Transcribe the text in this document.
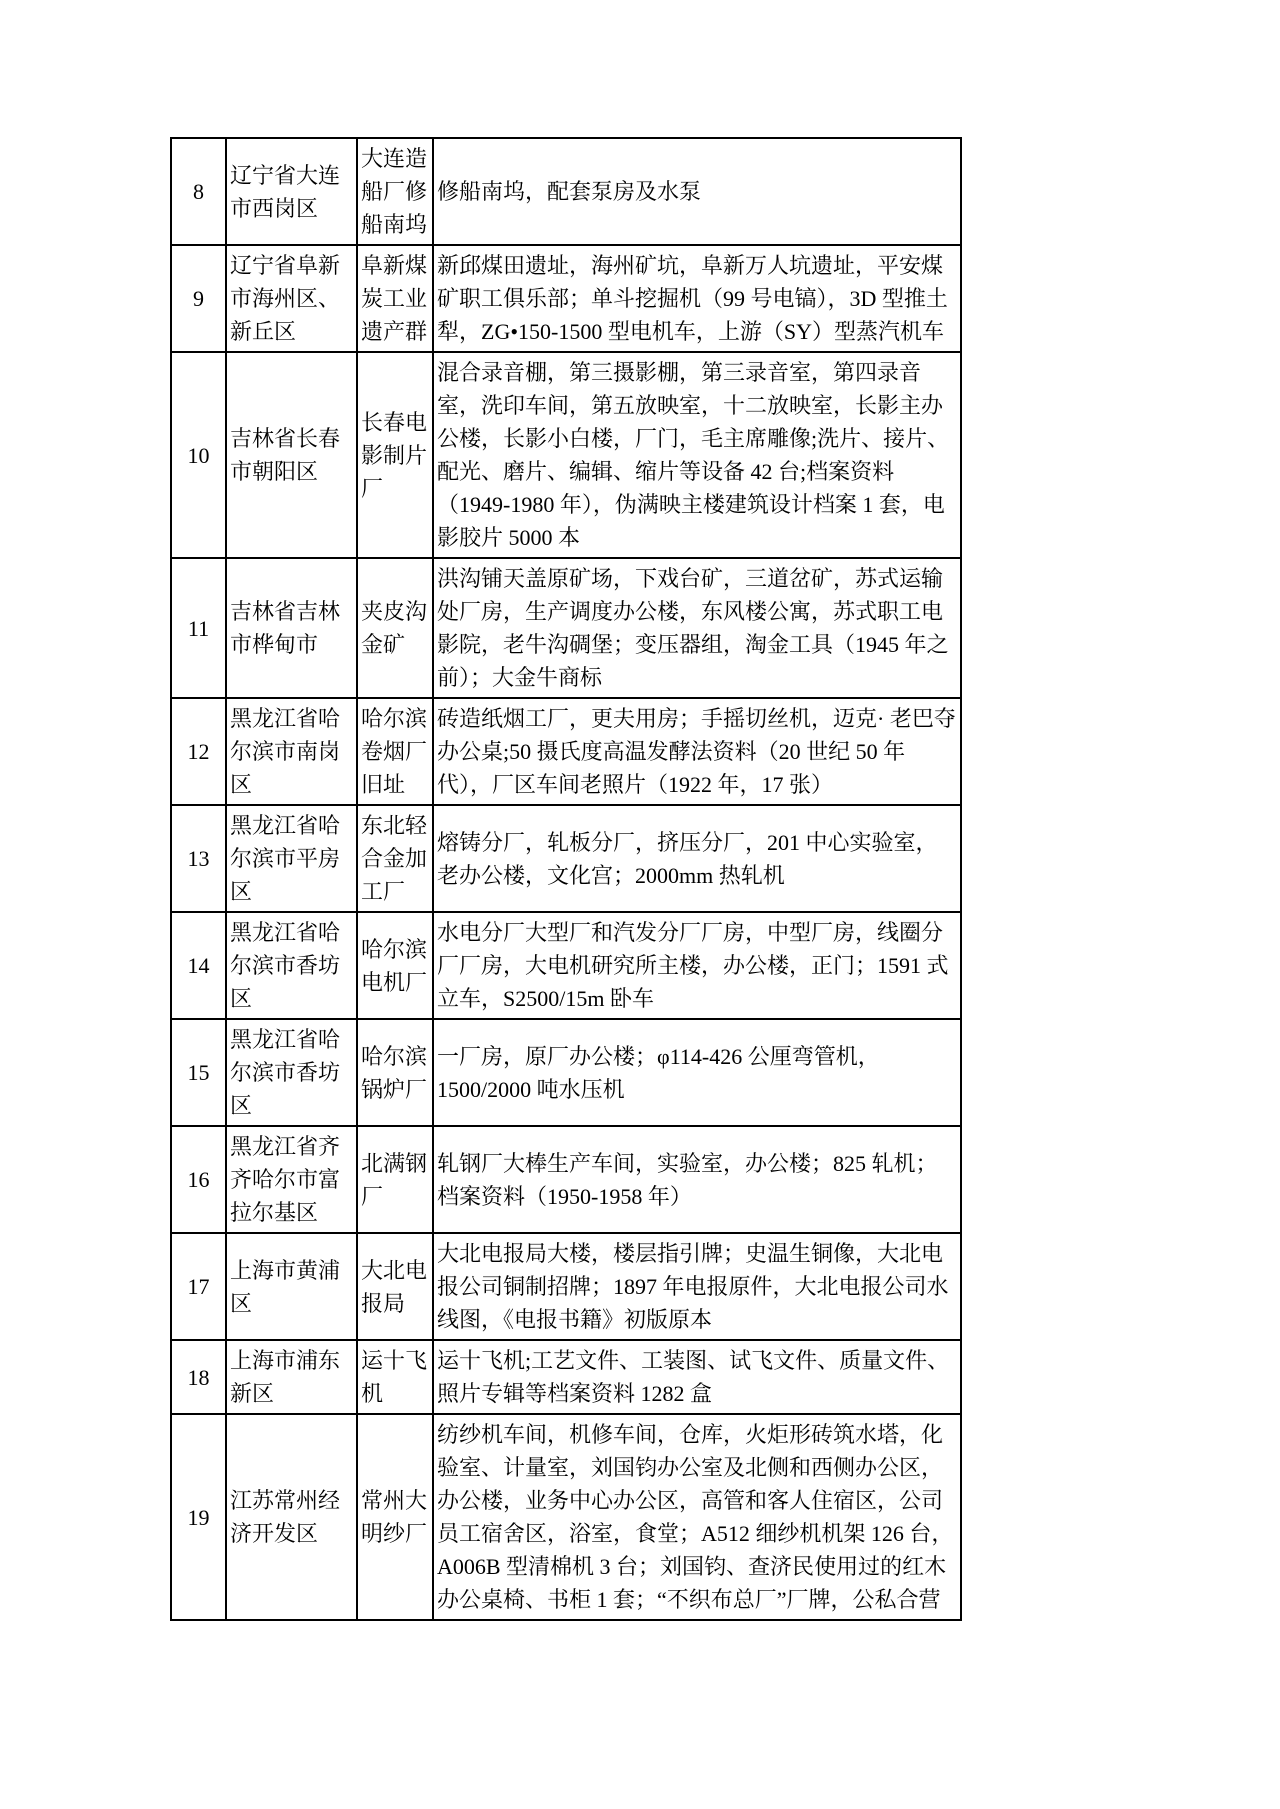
8	辽宁省大连市西岗区	大连造船厂修船南坞	修船南坞，配套泵房及水泵
9	辽宁省阜新市海州区、新丘区	阜新煤炭工业遗产群	新邱煤田遗址，海州矿坑，阜新万人坑遗址，平安煤矿职工俱乐部；单斗挖掘机（99 号电镐），3D 型推土犁，ZG•150-1500 型电机车，上游（SY）型蒸汽机车
10	吉林省长春市朝阳区	长春电影制片厂	混合录音棚，第三摄影棚，第三录音室，第四录音室，洗印车间，第五放映室，十二放映室，长影主办公楼，长影小白楼，厂门，毛主席雕像;洗片、接片、配光、磨片、编辑、缩片等设备 42 台;档案资料（1949-1980 年），伪满映主楼建筑设计档案 1 套，电影胶片 5000 本
11	吉林省吉林市桦甸市	夹皮沟金矿	洪沟铺天盖原矿场，下戏台矿，三道岔矿，苏式运输处厂房，生产调度办公楼，东风楼公寓，苏式职工电影院，老牛沟碉堡；变压器组，淘金工具（1945 年之前）；大金牛商标
12	黑龙江省哈尔滨市南岗区	哈尔滨卷烟厂旧址	砖造纸烟工厂，更夫用房；手摇切丝机，迈克· 老巴夺办公桌;50 摄氏度高温发酵法资料（20 世纪 50 年代），厂区车间老照片（1922 年，17 张）
13	黑龙江省哈尔滨市平房区	东北轻合金加工厂	熔铸分厂，轧板分厂，挤压分厂，201 中心实验室，老办公楼，文化宫；2000mm 热轧机
14	黑龙江省哈尔滨市香坊区	哈尔滨电机厂	水电分厂大型厂和汽发分厂厂房，中型厂房，线圈分厂厂房，大电机研究所主楼，办公楼，正门；1591 式立车，S2500/15m 卧车
15	黑龙江省哈尔滨市香坊区	哈尔滨锅炉厂	一厂房，原厂办公楼；φ114-426 公厘弯管机，1500/2000 吨水压机
16	黑龙江省齐齐哈尔市富拉尔基区	北满钢厂	轧钢厂大棒生产车间，实验室，办公楼；825 轧机；档案资料（1950-1958 年）
17	上海市黄浦区	大北电报局	大北电报局大楼，楼层指引牌；史温生铜像，大北电报公司铜制招牌；1897 年电报原件，大北电报公司水线图，《电报书籍》初版原本
18	上海市浦东新区	运十飞机	运十飞机;工艺文件、工装图、试飞文件、质量文件、照片专辑等档案资料 1282 盒
19	江苏常州经济开发区	常州大明纱厂	纺纱机车间，机修车间，仓库，火炬形砖筑水塔，化验室、计量室，刘国钧办公室及北侧和西侧办公区，办公楼，业务中心办公区，高管和客人住宿区，公司员工宿舍区，浴室，食堂；A512 细纱机机架 126 台，A006B 型清棉机 3 台；刘国钧、查济民使用过的红木办公桌椅、书柜 1 套；“不织布总厂”厂牌，公私合营
